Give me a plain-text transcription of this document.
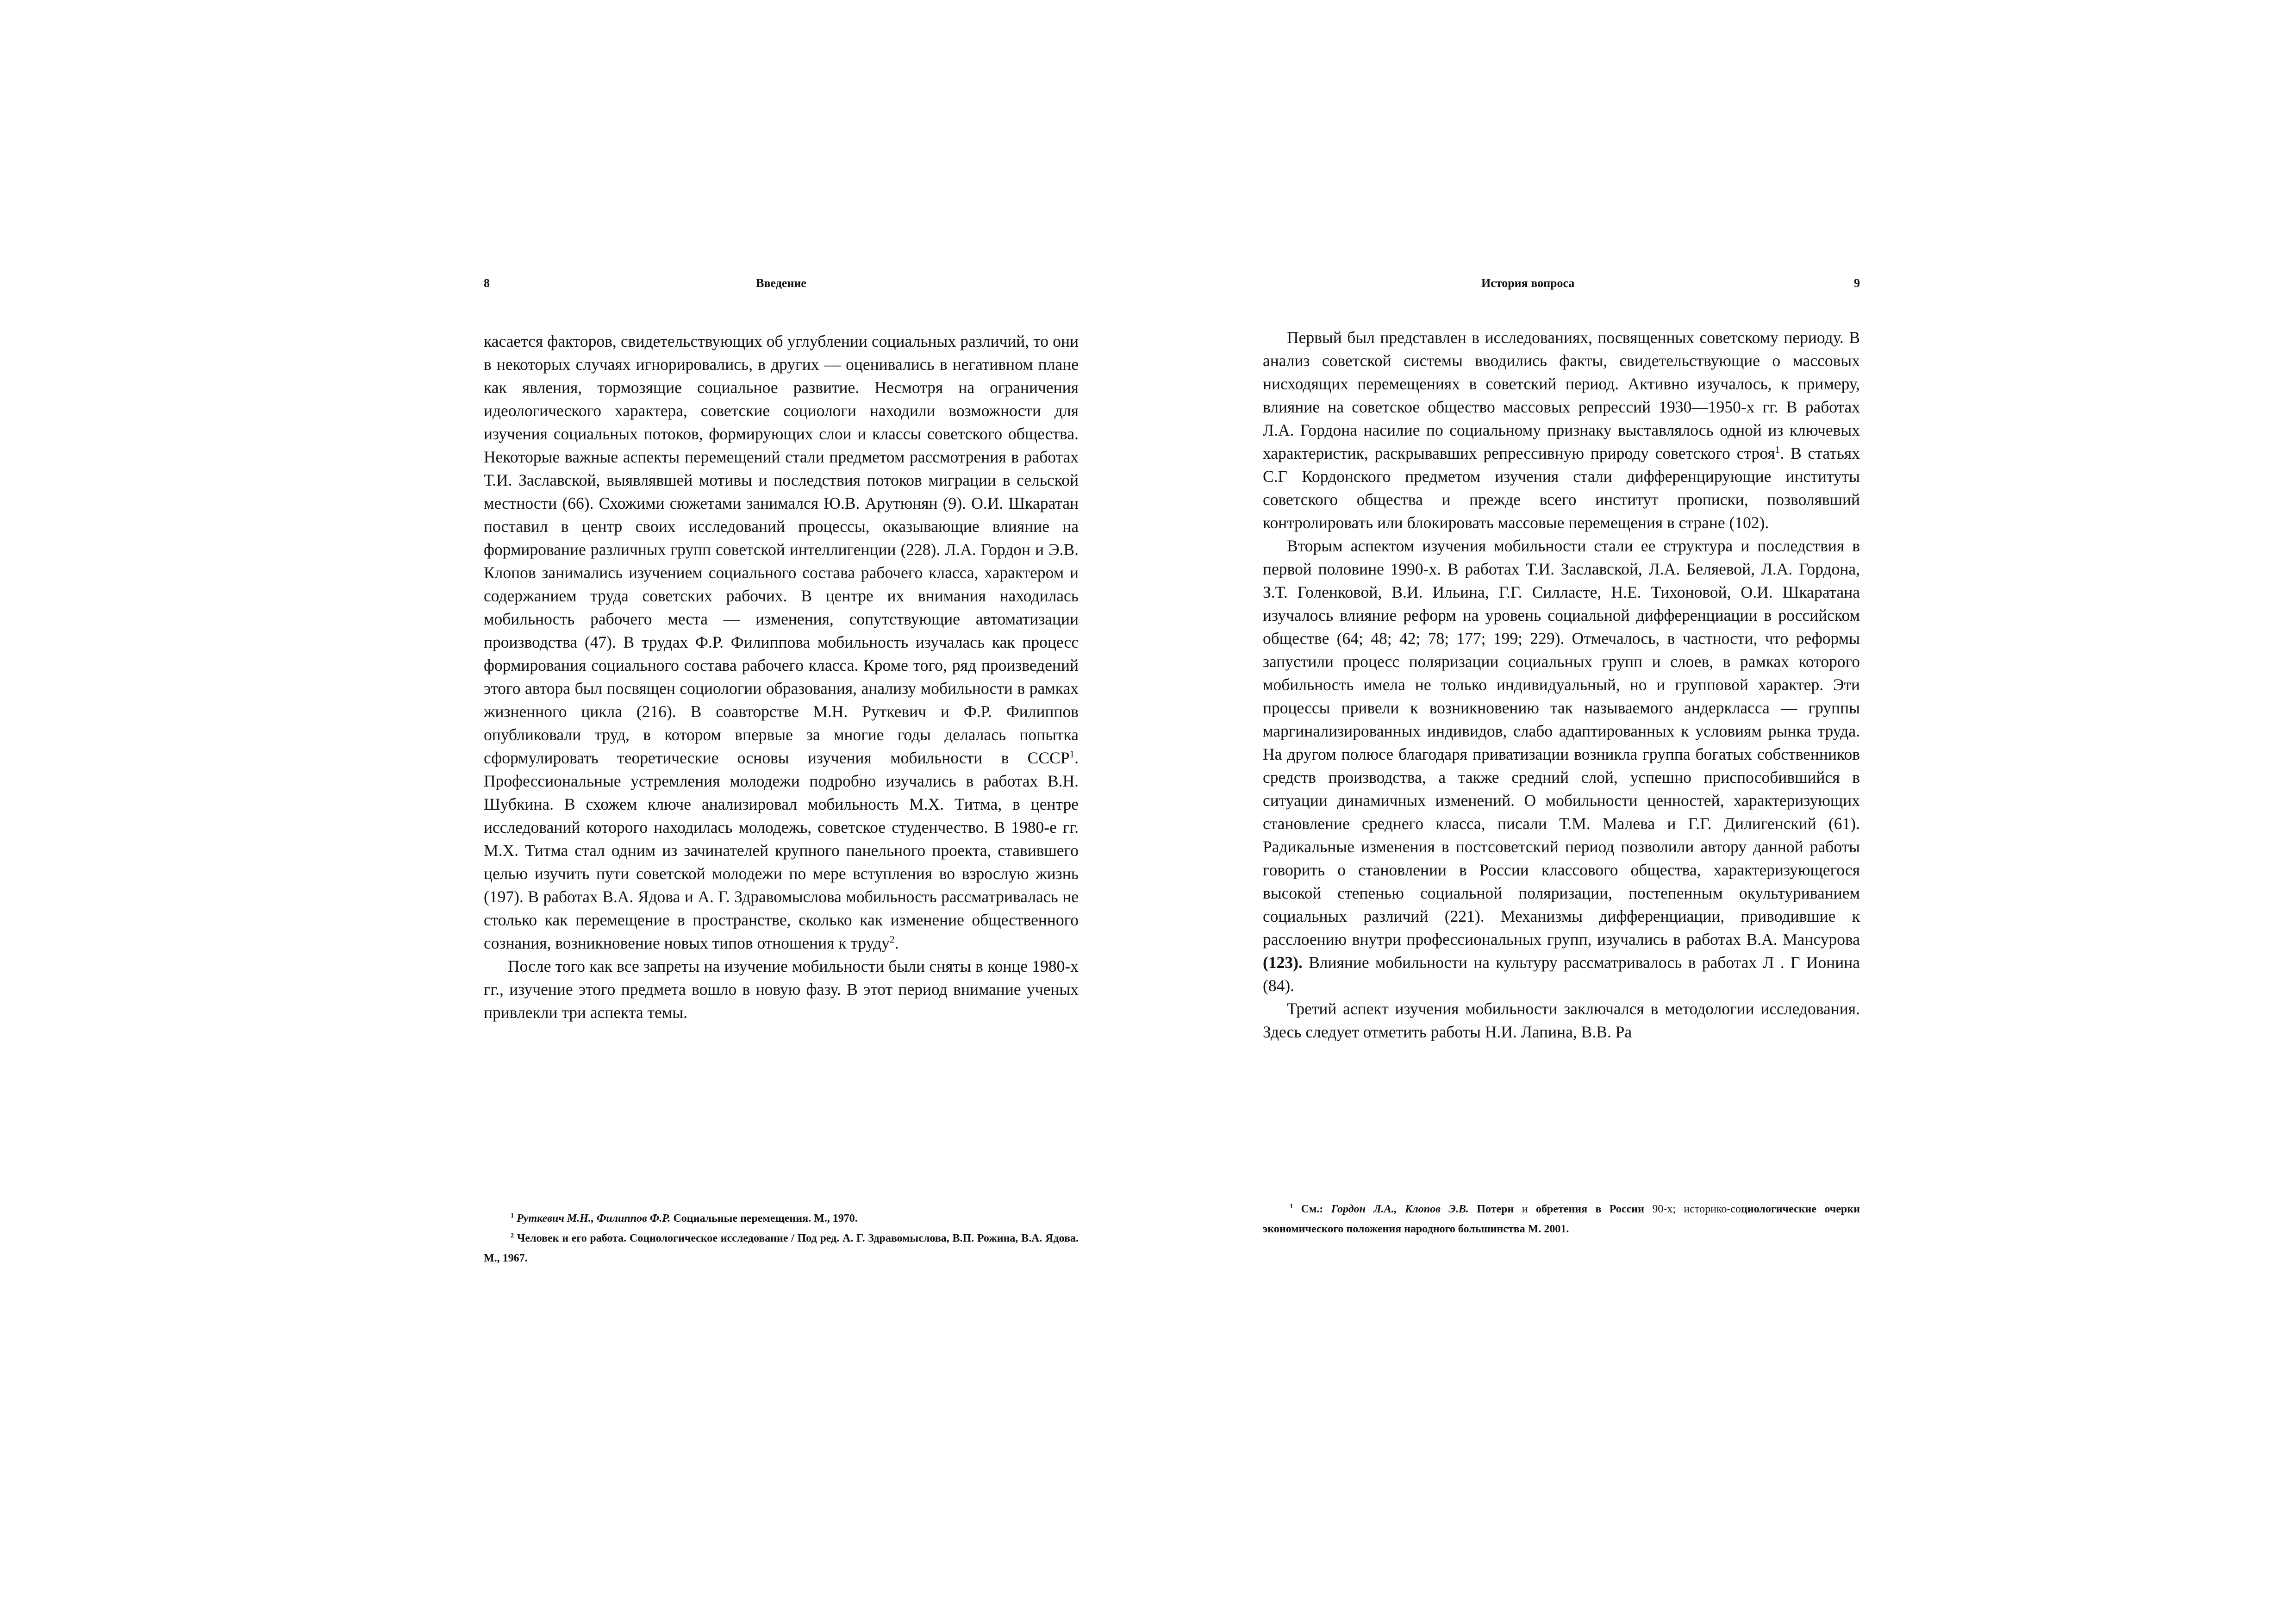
8	Введение

касается факторов, свидетельствующих об углублении социальных различий, то они в некоторых случаях игнорировались, в других — оценивались в негативном плане как явления, тормозящие социальное развитие. Несмотря на ограничения идеологического характера, советские социологи находили возможности для изучения социальных потоков, формирующих слои и классы советского общества. Некоторые важные аспекты перемещений стали предметом рассмотрения в работах Т.И. Заславской, выявлявшей мотивы и последствия потоков миграции в сельской местности (66). Схожими сюжетами занимался Ю.В. Арутюнян (9). О.И. Шкаратан поставил в центр своих исследований процессы, оказывающие влияние на формирование различных групп советской интеллигенции (228). Л.А. Гордон и Э.В. Клопов занимались изучением социального состава рабочего класса, характером и содержанием труда советских рабочих. В центре их внимания находилась мобильность рабочего места — изменения, сопутствующие автоматизации производства (47). В трудах Ф.Р. Филиппова мобильность изучалась как процесс формирования социального состава рабочего класса. Кроме того, ряд произведений этого автора был посвящен социологии образования, анализу мобильности в рамках жизненного цикла (216). В соавторстве М.Н. Руткевич и Ф.Р. Филиппов опубликовали труд, в котором впервые за многие годы делалась попытка сформулировать теоретические основы изучения мобильности в СССР$^1$. Профессиональные устремления молодежи подробно изучались в работах В.Н. Шубкина. В схожем ключе анализировал мобильность М.Х. Титма, в центре исследований которого находилась молодежь, советское студенчество. В 1980-е гг. М.Х. Титма стал одним из зачинателей крупного панельного проекта, ставившего целью изучить пути советской молодежи по мере вступления во взрослую жизнь (197). В работах В.А. Ядова и А. Г. Здравомыслова мобильность рассматривалась не столько как перемещение в пространстве, сколько как изменение общественного сознания, возникновение новых типов отношения к труду$^2$.

После того как все запреты на изучение мобильности были сняты в конце 1980-х гг., изучение этого предмета вошло в новую фазу. В этот период внимание ученых привлекли три аспекта темы.

$^1$ Руткевич М.Н., Филиппов Ф.Р. Социальные перемещения. М., 1970.

$^2$ Человек и его работа. Социологическое исследование / Под ред. А. Г. Здравомыслова, В.П. Рожина, В.А. Ядова. М., 1967.

История вопроса	9

Первый был представлен в исследованиях, посвященных советскому периоду. В анализ советской системы вводились факты, свидетельствующие о массовых нисходящих перемещениях в советский период. Активно изучалось, к примеру, влияние на советское общество массовых репрессий 1930—1950-х гг. В работах Л.А. Гордона насилие по социальному признаку выставлялось одной из ключевых характеристик, раскрывавших репрессивную природу советского строя$^1$. В статьях С.Г Кордонского предметом изучения стали дифференцирующие институты советского общества и прежде всего институт прописки, позволявший контролировать или блокировать массовые перемещения в стране (102).

Вторым аспектом изучения мобильности стали ее структура и последствия в первой половине 1990-х. В работах Т.И. Заславской, Л.А. Беляевой, Л.А. Гордона, З.Т. Голенковой, В.И. Ильина, Г.Г. Силласте, Н.Е. Тихоновой, О.И. Шкаратана изучалось влияние реформ на уровень социальной дифференциации в российском обществе (64; 48; 42; 78; 177; 199; 229). Отмечалось, в частности, что реформы запустили процесс поляризации социальных групп и слоев, в рамках которого мобильность имела не только индивидуальный, но и групповой характер. Эти процессы привели к возникновению так называемого андеркласса — группы маргинализированных индивидов, слабо адаптированных к условиям рынка труда. На другом полюсе благодаря приватизации возникла группа богатых собственников средств производства, а также средний слой, успешно приспособившийся в ситуации динамичных изменений. О мобильности ценностей, характеризующих становление среднего класса, писали Т.М. Малева и Г.Г. Дилигенский (61). Радикальные изменения в постсоветский период позволили автору данной работы говорить о становлении в России классового общества, характеризующегося высокой степенью социальной поляризации, постепенным окультуриванием социальных различий (221). Механизмы дифференциации, приводившие к расслоению внутри профессиональных групп, изучались в работах В.А. Мансурова (123). Влияние мобильности на культуру рассматривалось в работах Л . Г Ионина (84).

Третий аспект изучения мобильности заключался в методологии исследования. Здесь следует отметить работы Н.И. Лапина, В.В. Ра

$^1$ См.: Гордон Л.А., Клопов Э.В. Потери и обретения в России 90-х; историко-социологические очерки экономического положения народного большинства М. 2001.
